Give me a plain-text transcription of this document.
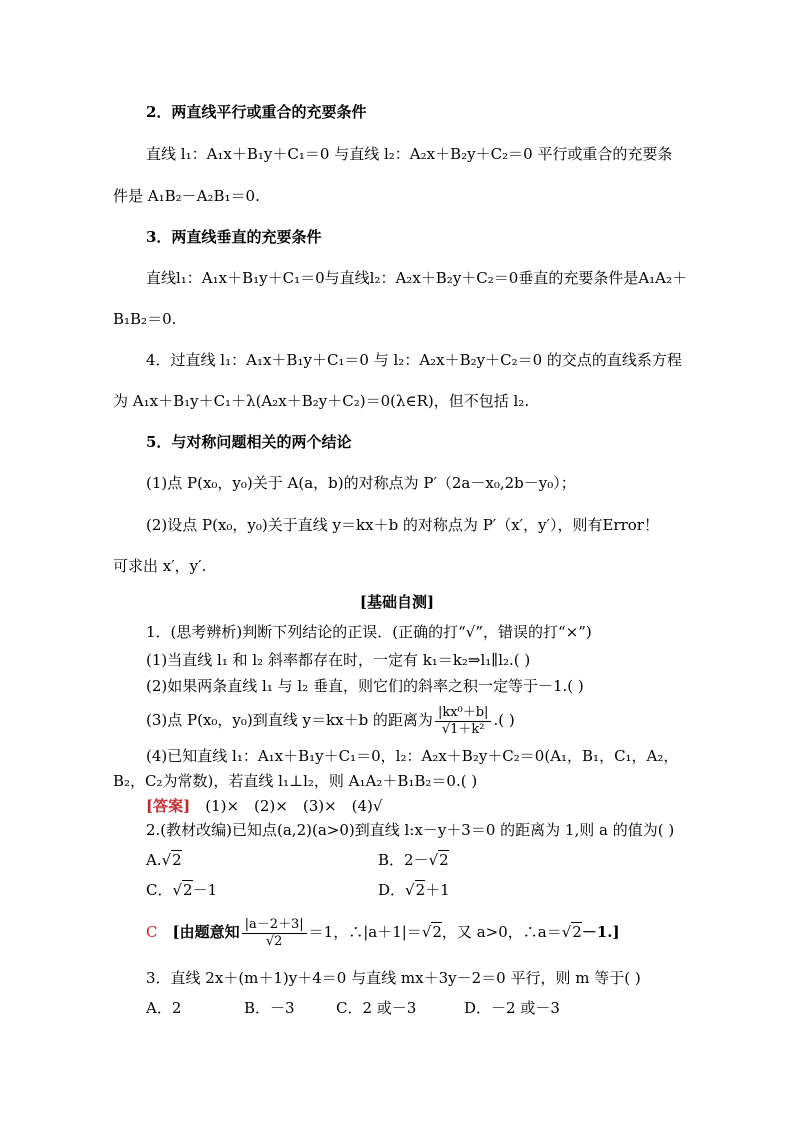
2．两直线平行或重合的充要条件
直线 l₁：A₁x＋B₁y＋C₁＝0 与直线 l₂：A₂x＋B₂y＋C₂＝0 平行或重合的充要条
件是 A₁B₂－A₂B₁＝0.
3．两直线垂直的充要条件
直线l₁：A₁x＋B₁y＋C₁＝0与直线l₂：A₂x＋B₂y＋C₂＝0垂直的充要条件是A₁A₂＋
B₁B₂＝0.
4．过直线 l₁：A₁x＋B₁y＋C₁＝0 与 l₂：A₂x＋B₂y＋C₂＝0 的交点的直线系方程
为 A₁x＋B₁y＋C₁＋λ(A₂x＋B₂y＋C₂)＝0(λ∈R)，但不包括 l₂.
5．与对称问题相关的两个结论
(1)点 P(x₀，y₀)关于 A(a，b)的对称点为 P′（2a－x₀,2b－y₀）；
(2)设点 P(x₀，y₀)关于直线 y＝kx＋b 的对称点为 P′（x′，y′），则有Error！
可求出 x′，y′.
[基础自测]
1．(思考辨析)判断下列结论的正误．(正确的打“√”，错误的打“×”)
(1)当直线 l₁ 和 l₂ 斜率都存在时，一定有 k₁＝k₂⇒l₁∥l₂.( )
(2)如果两条直线 l₁ 与 l₂ 垂直，则它们的斜率之积一定等于－1.( )
(3)点 P(x₀，y₀)到直线 y＝kx＋b 的距离为 $\frac{\text{|kx⁰＋b|}}{\text{√1＋k²}}$ .( )
(4)已知直线 l₁：A₁x＋B₁y＋C₁＝0，l₂：A₂x＋B₂y＋C₂＝0(A₁，B₁，C₁，A₂，
B₂，C₂为常数)，若直线 l₁⊥l₂，则 A₁A₂＋B₁B₂＝0.( )
[答案]　 (1)×　(2)×　(3)×　(4)√
2.(教材改编)已知点(a,2)(a>0)到直线 l:x－y＋3＝0 的距离为 1,则 a 的值为( )
A.√2	B．2－√2
C．√2－1	D．√2＋1
C　 [由题意知 $\frac{|a-2+3|}{√2} =1$，∴|a＋1|＝√2，又 a>0，∴a＝√2－1.]
3．直线 2x＋(m＋1)y＋4＝0 与直线 mx＋3y－2＝0 平行，则 m 等于( )
A．2	B．－3	C．2 或－3	D．－2 或－3
